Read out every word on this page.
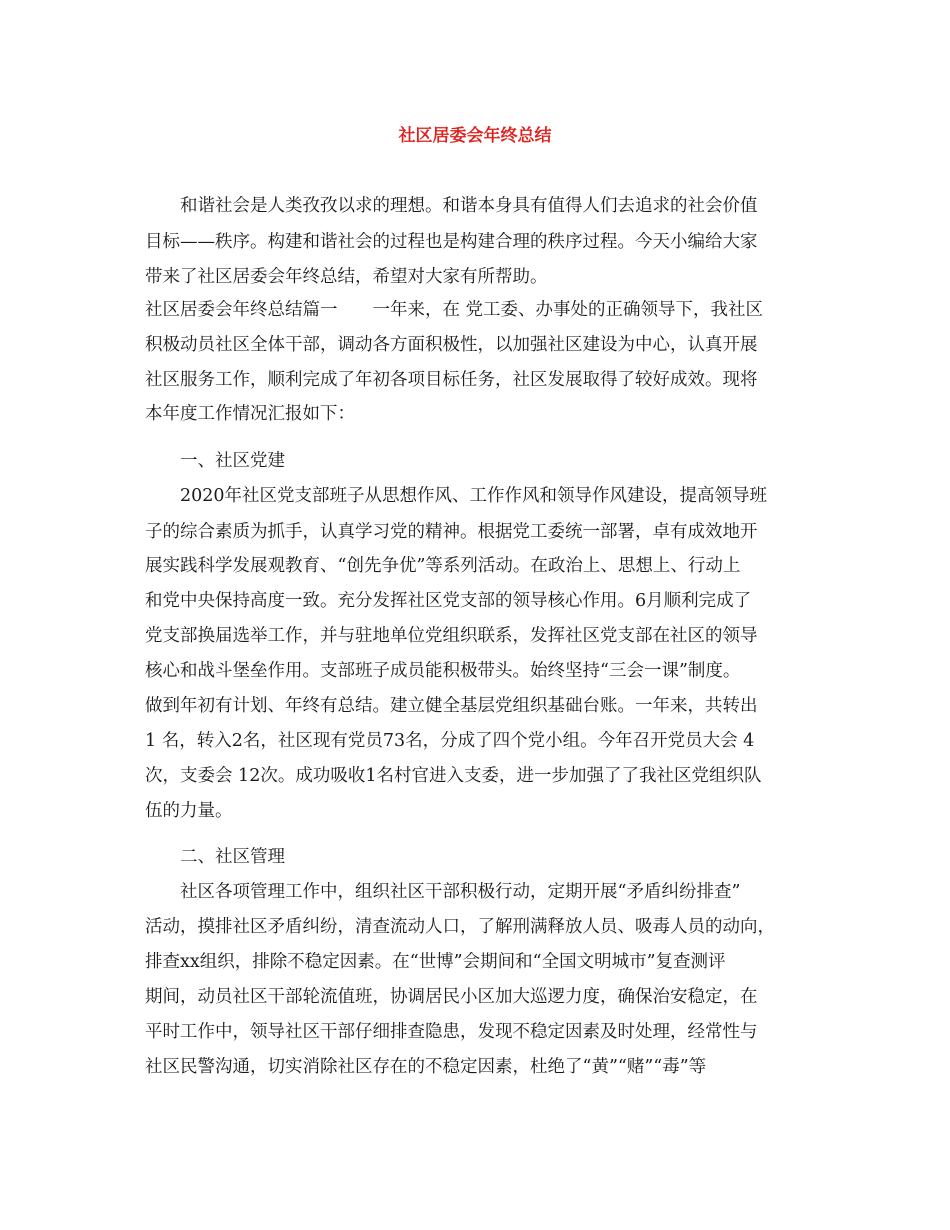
社区居委会年终总结

和谐社会是人类孜孜以求的理想。和谐本身具有值得人们去追求的社会价值

目标——秩序。构建和谐社会的过程也是构建合理的秩序过程。今天小编给大家

带来了社区居委会年终总结，希望对大家有所帮助。

社区居委会年终总结篇一　　一年来，在 党工委、办事处的正确领导下，我社区

积极动员社区全体干部，调动各方面积极性，以加强社区建设为中心，认真开展

社区服务工作，顺利完成了年初各项目标任务，社区发展取得了较好成效。现将

本年度工作情况汇报如下：

一、社区党建

2020年社区党支部班子从思想作风、工作作风和领导作风建设，提高领导班

子的综合素质为抓手，认真学习党的精神。根据党工委统一部署，卓有成效地开

展实践科学发展观教育、“创先争优”等系列活动。在政治上、思想上、行动上

和党中央保持高度一致。充分发挥社区党支部的领导核心作用。6月顺利完成了

党支部换届选举工作，并与驻地单位党组织联系，发挥社区党支部在社区的领导

核心和战斗堡垒作用。支部班子成员能积极带头。始终坚持“三会一课”制度。

做到年初有计划、年终有总结。建立健全基层党组织基础台账。一年来，共转出

1 名，转入2名，社区现有党员73名，分成了四个党小组。今年召开党员大会 4

次，支委会 12次。成功吸收1名村官进入支委，进一步加强了了我社区党组织队

伍的力量。

二、社区管理

社区各项管理工作中，组织社区干部积极行动，定期开展“矛盾纠纷排查”

活动，摸排社区矛盾纠纷，清查流动人口，了解刑满释放人员、吸毒人员的动向，

排查xx组织，排除不稳定因素。在“世博”会期间和“全国文明城市”复查测评

期间，动员社区干部轮流值班，协调居民小区加大巡逻力度，确保治安稳定，在

平时工作中，领导社区干部仔细排查隐患，发现不稳定因素及时处理，经常性与

社区民警沟通，切实消除社区存在的不稳定因素，杜绝了“黄”“赌”“毒”等
